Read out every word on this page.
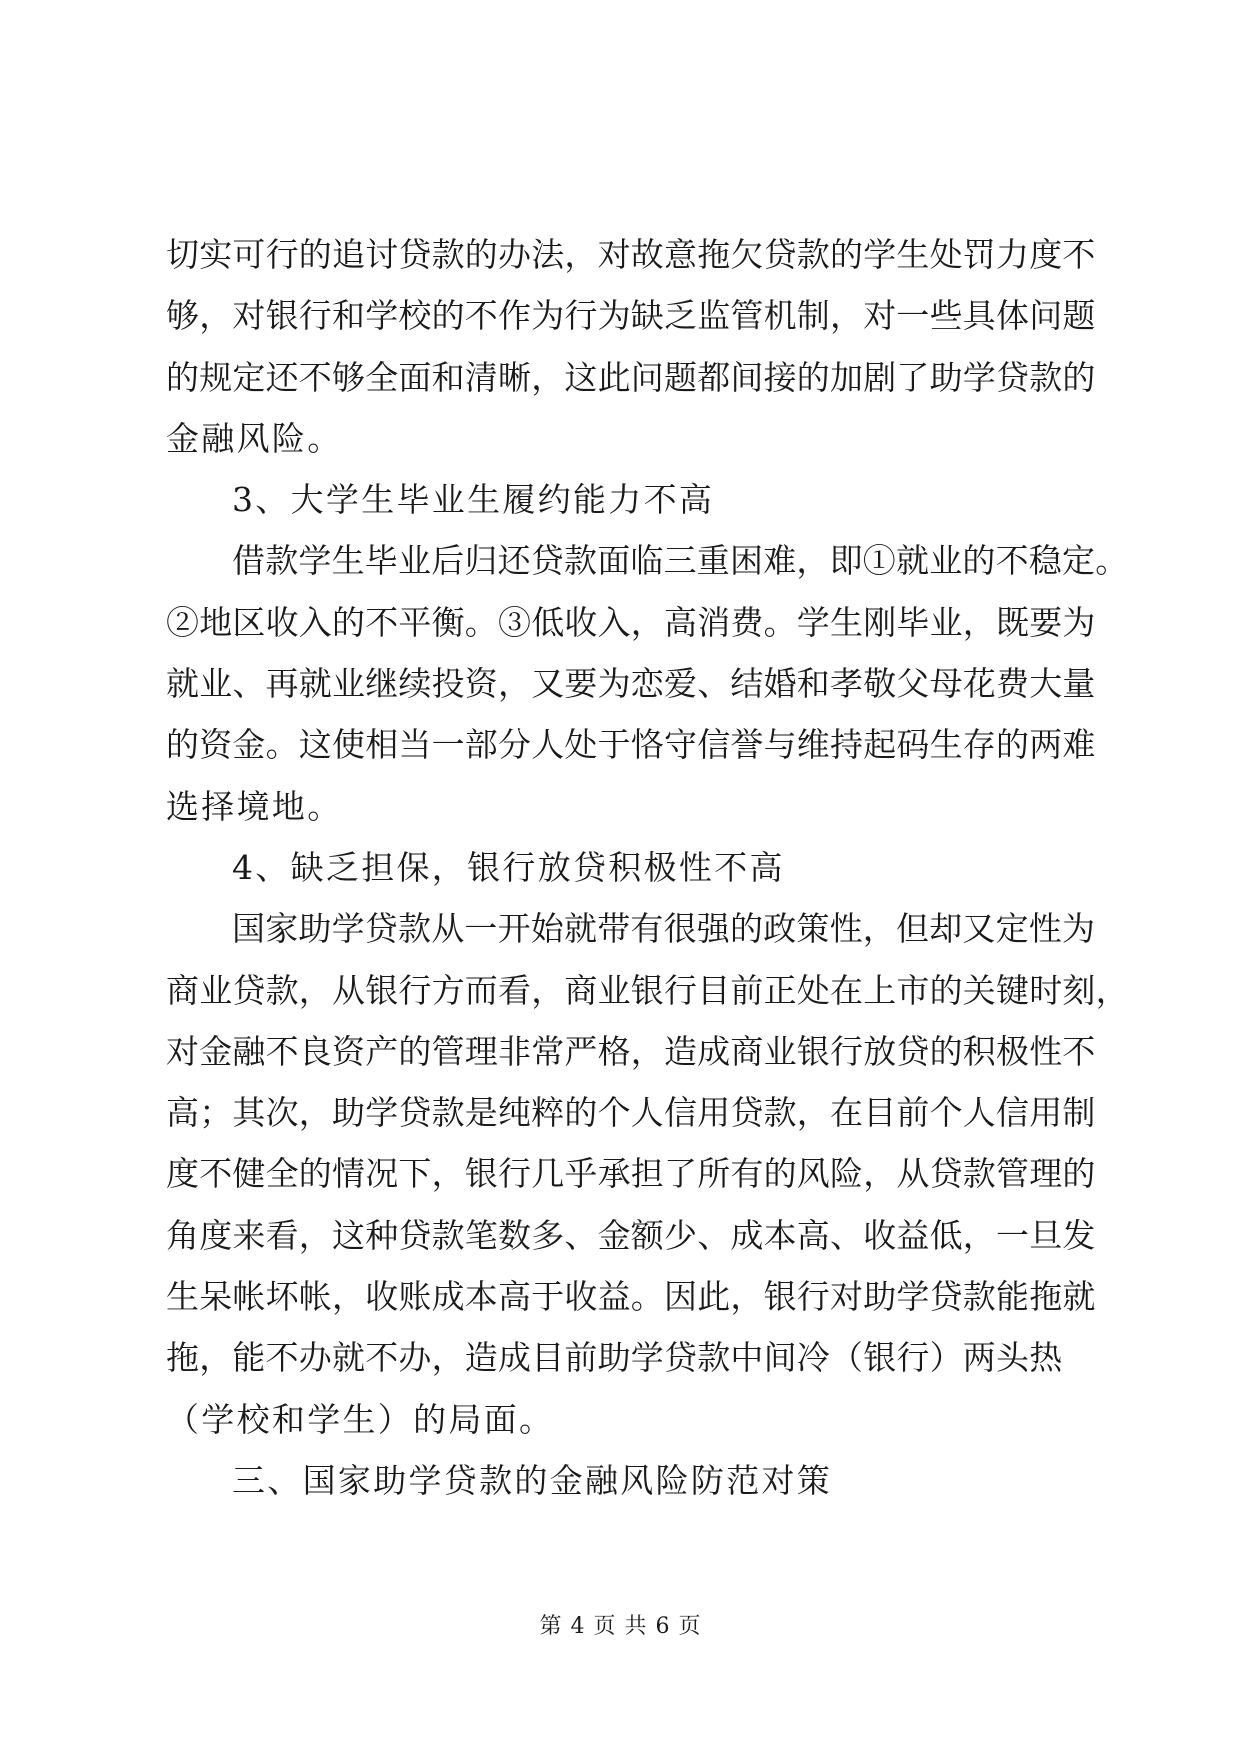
切实可行的追讨贷款的办法，对故意拖欠贷款的学生处罚力度不
够，对银行和学校的不作为行为缺乏监管机制，对一些具体问题
的规定还不够全面和清晰，这此问题都间接的加剧了助学贷款的
金融风险。
3、大学生毕业生履约能力不高
借款学生毕业后归还贷款面临三重困难，即①就业的不稳定。
②地区收入的不平衡。③低收入，高消费。学生刚毕业，既要为
就业、再就业继续投资，又要为恋爱、结婚和孝敬父母花费大量
的资金。这使相当一部分人处于恪守信誉与维持起码生存的两难
选择境地。
4、缺乏担保，银行放贷积极性不高
国家助学贷款从一开始就带有很强的政策性，但却又定性为
商业贷款，从银行方而看，商业银行目前正处在上市的关键时刻，
对金融不良资产的管理非常严格，造成商业银行放贷的积极性不
高；其次，助学贷款是纯粹的个人信用贷款，在目前个人信用制
度不健全的情况下，银行几乎承担了所有的风险，从贷款管理的
角度来看，这种贷款笔数多、金额少、成本高、收益低，一旦发
生呆帐坏帐，收账成本高于收益。因此，银行对助学贷款能拖就
拖，能不办就不办，造成目前助学贷款中间冷（银行）两头热
（学校和学生）的局面。
三、国家助学贷款的金融风险防范对策
第 4 页 共 6 页
